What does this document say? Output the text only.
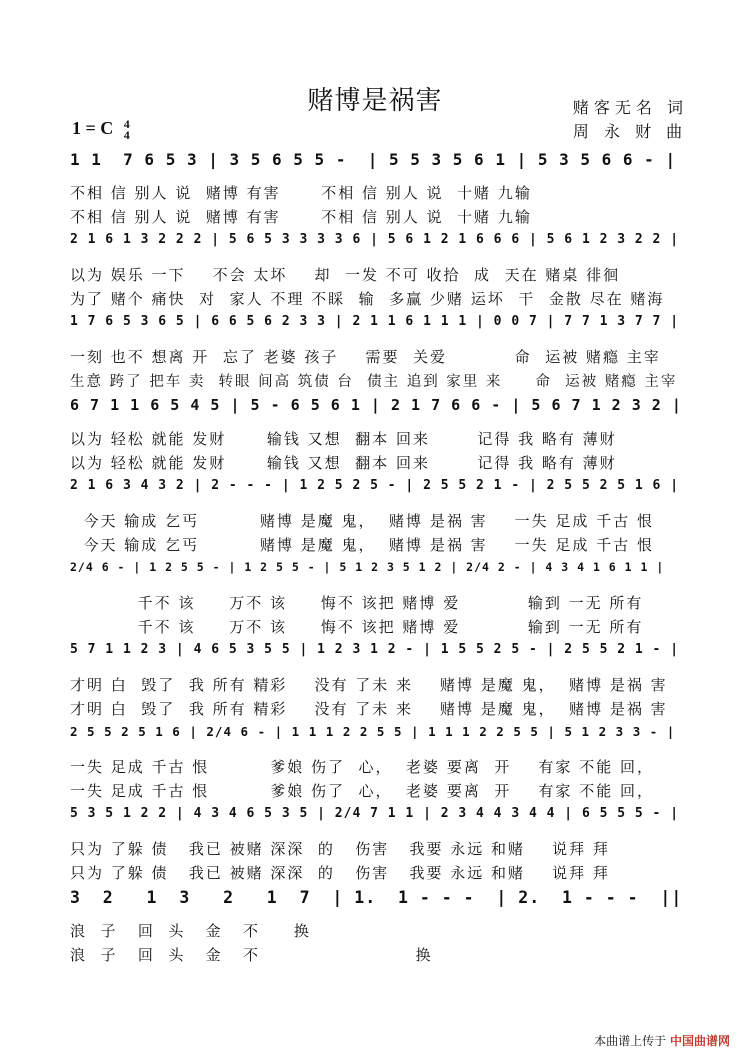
赌博是祸害	赌客无名 词
周 永 财 曲
1 = C 4
4
1 1  7 6 5 3 | 3 5 6 5 5 -  | 5 5 3 5 6 1 | 5 3 5 6 6 - |
不相 信 别人 说  赌博 有害      不相 信 别人 说  十赌 九输
不相 信 别人 说  赌博 有害      不相 信 别人 说  十赌 九输
2 1 6 1 3 2 2 2 | 5 6 5 3 3 3 3 6 | 5 6 1 2 1 6 6 6 | 5 6 1 2 3 2 2 |
以为 娱乐 一下    不会 太坏    却  一发 不可 收拾  成  天在 赌桌 徘徊
为了 赌个 痛快  对  家人 不理 不睬  输  多赢 少赌 运坏  干  金散 尽在 赌海
1 7 6 5 3 6 5 | 6 6 5 6 2 3 3 | 2 1 1 6 1 1 1 | 0 0 7 | 7 7 1 3 7 7 |
一刻 也不 想离 开  忘了 老婆 孩子    需要  关爱          命  运被 赌瘾 主宰
生意 跨了 把车 卖  转眼 间高 筑债 台  债主 追到 家里 来     命  运被 赌瘾 主宰
6 7 1 1 6 5 4 5 | 5 - 6 5 6 1 | 2 1 7 6 6 - | 5 6 7 1 2 3 2 |
以为 轻松 就能 发财      输钱 又想  翻本 回来       记得 我 略有 薄财
以为 轻松 就能 发财      输钱 又想  翻本 回来       记得 我 略有 薄财
2 1 6 3 4 3 2 | 2 - - - | 1 2 5 2 5 - | 2 5 5 2 1 - | 2 5 5 2 5 1 6 |
今天 输成 乞丐         赌博 是魔 鬼，  赌博 是祸 害    一失 足成 千古 恨
今天 输成 乞丐         赌博 是魔 鬼，  赌博 是祸 害    一失 足成 千古 恨
2/4 6 - | 1 2 5 5 - | 1 2 5 5 - | 5 1 2 3 5 1 2 | 2/4 2 - | 4 3 4 1 6 1 1 |
千不 该     万不 该     悔不 该把 赌博 爱          输到 一无 所有
千不 该     万不 该     悔不 该把 赌博 爱          输到 一无 所有
5 7 1 1 2 3 | 4 6 5 3 5 5 | 1 2 3 1 2 - | 1 5 5 2 5 - | 2 5 5 2 1 - |
才明 白  毁了  我 所有 精彩    没有 了未 来    赌博 是魔 鬼，  赌博 是祸 害
才明 白  毁了  我 所有 精彩    没有 了未 来    赌博 是魔 鬼，  赌博 是祸 害
2 5 5 2 5 1 6 | 2/4 6 - | 1 1 1 2 2 5 5 | 1 1 1 2 2 5 5 | 5 1 2 3 3 - |
一失 足成 千古 恨         爹娘 伤了  心，  老婆 要离  开    有家 不能 回，
一失 足成 千古 恨         爹娘 伤了  心，  老婆 要离  开    有家 不能 回，
5 3 5 1 2 2 | 4 3 4 6 5 3 5 | 2/4 7 1 1 | 2 3 4 4 3 4 4 | 6 5 5 5 - |
只为 了躲 债   我已 被赌 深深  的   伤害   我要 永远 和赌    说拜 拜
只为 了躲 债   我已 被赌 深深  的   伤害   我要 永远 和赌    说拜 拜
3  2   1  3   2   1  7  | 1.  1 - - -  | 2.  1 - - -  ||
浪  子   回  头   金   不     换
浪  子   回  头   金   不                       换
本曲谱上传于 中国曲谱网
